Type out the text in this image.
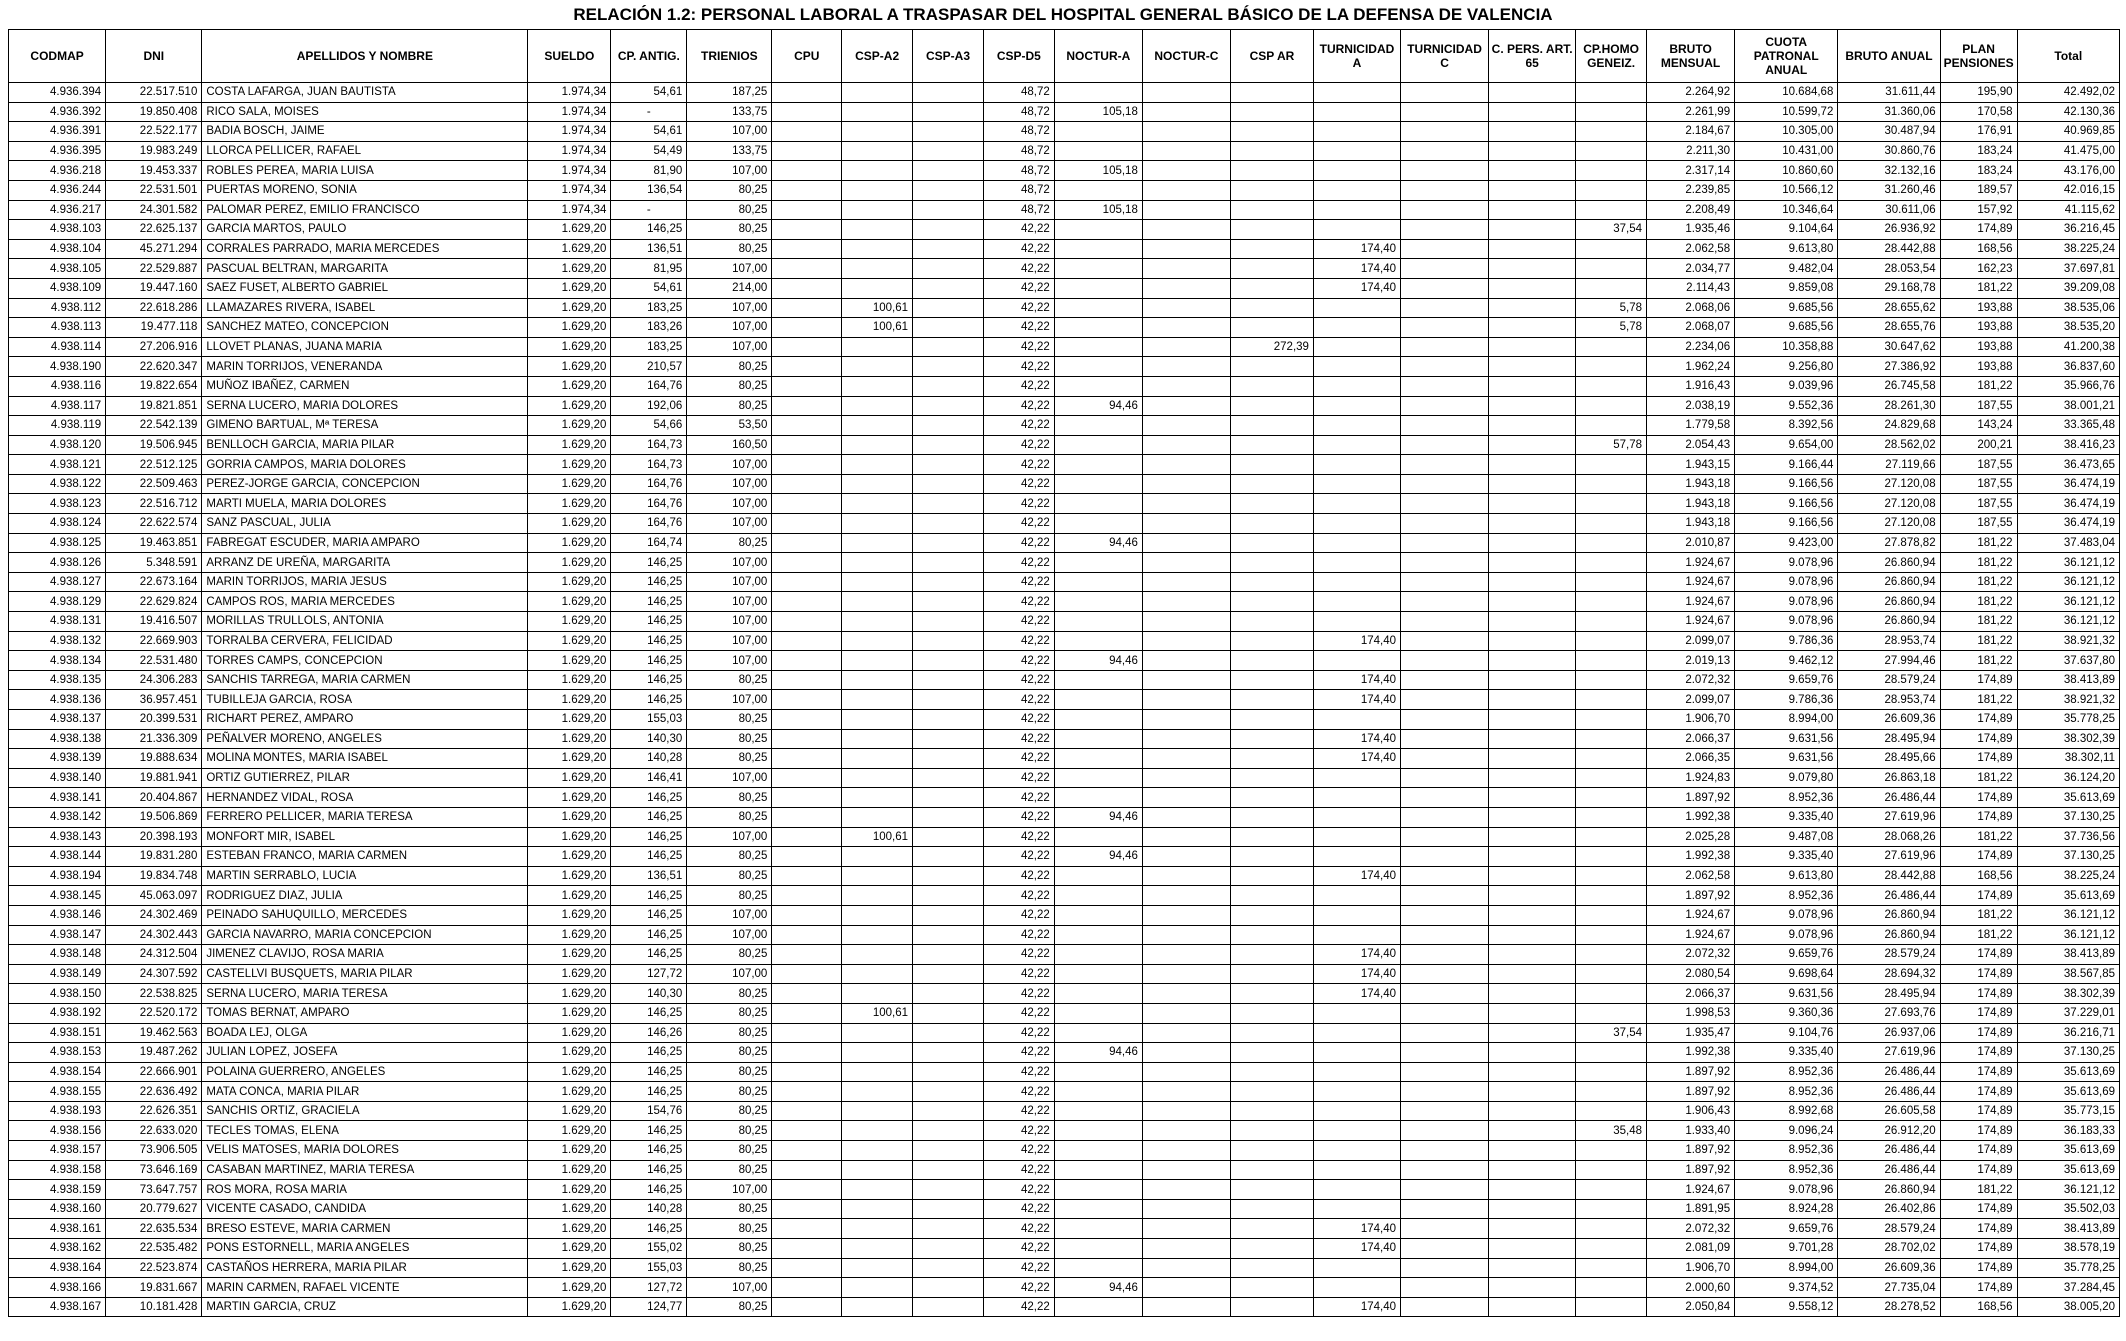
RELACIÓN 1.2: PERSONAL LABORAL A TRASPASAR DEL HOSPITAL GENERAL BÁSICO DE LA DEFENSA DE VALENCIA
CODMAP	DNI	APELLIDOS Y NOMBRE	SUELDO	CP. ANTIG.	TRIENIOS	CPU	CSP-A2	CSP-A3	CSP-D5	NOCTUR-A	NOCTUR-C	CSP AR	TURNICIDAD A	TURNICIDAD C	C. PERS. ART. 65	CP.HOMO GENEIZ.	BRUTO MENSUAL	CUOTA PATRONAL ANUAL	BRUTO ANUAL	PLAN PENSIONES	Total
4.936.394	22.517.510	COSTA LAFARGA, JUAN BAUTISTA	1.974,34	54,61	187,25				48,72								2.264,92	10.684,68	31.611,44	195,90	42.492,02
4.936.392	19.850.408	RICO SALA, MOISES	1.974,34	-	133,75				48,72	105,18							2.261,99	10.599,72	31.360,06	170,58	42.130,36
4.936.391	22.522.177	BADIA BOSCH, JAIME	1.974,34	54,61	107,00				48,72								2.184,67	10.305,00	30.487,94	176,91	40.969,85
4.936.395	19.983.249	LLORCA PELLICER, RAFAEL	1.974,34	54,49	133,75				48,72								2.211,30	10.431,00	30.860,76	183,24	41.475,00
4.936.218	19.453.337	ROBLES PEREA, MARIA LUISA	1.974,34	81,90	107,00				48,72	105,18							2.317,14	10.860,60	32.132,16	183,24	43.176,00
4.936.244	22.531.501	PUERTAS MORENO, SONIA	1.974,34	136,54	80,25				48,72								2.239,85	10.566,12	31.260,46	189,57	42.016,15
4.936.217	24.301.582	PALOMAR PEREZ, EMILIO FRANCISCO	1.974,34	-	80,25				48,72	105,18							2.208,49	10.346,64	30.611,06	157,92	41.115,62
4.938.103	22.625.137	GARCIA MARTOS, PAULO	1.629,20	146,25	80,25				42,22							37,54	1.935,46	9.104,64	26.936,92	174,89	36.216,45
4.938.104	45.271.294	CORRALES PARRADO, MARIA MERCEDES	1.629,20	136,51	80,25				42,22				174,40				2.062,58	9.613,80	28.442,88	168,56	38.225,24
4.938.105	22.529.887	PASCUAL BELTRAN, MARGARITA	1.629,20	81,95	107,00				42,22				174,40				2.034,77	9.482,04	28.053,54	162,23	37.697,81
4.938.109	19.447.160	SAEZ FUSET, ALBERTO GABRIEL	1.629,20	54,61	214,00				42,22				174,40				2.114,43	9.859,08	29.168,78	181,22	39.209,08
4.938.112	22.618.286	LLAMAZARES RIVERA, ISABEL	1.629,20	183,25	107,00		100,61		42,22							5,78	2.068,06	9.685,56	28.655,62	193,88	38.535,06
4.938.113	19.477.118	SANCHEZ MATEO, CONCEPCION	1.629,20	183,26	107,00		100,61		42,22							5,78	2.068,07	9.685,56	28.655,76	193,88	38.535,20
4.938.114	27.206.916	LLOVET PLANAS, JUANA MARIA	1.629,20	183,25	107,00				42,22			272,39					2.234,06	10.358,88	30.647,62	193,88	41.200,38
4.938.190	22.620.347	MARIN TORRIJOS, VENERANDA	1.629,20	210,57	80,25				42,22								1.962,24	9.256,80	27.386,92	193,88	36.837,60
4.938.116	19.822.654	MUÑOZ IBAÑEZ, CARMEN	1.629,20	164,76	80,25				42,22								1.916,43	9.039,96	26.745,58	181,22	35.966,76
4.938.117	19.821.851	SERNA LUCERO, MARIA DOLORES	1.629,20	192,06	80,25				42,22	94,46							2.038,19	9.552,36	28.261,30	187,55	38.001,21
4.938.119	22.542.139	GIMENO BARTUAL, Mª TERESA	1.629,20	54,66	53,50				42,22								1.779,58	8.392,56	24.829,68	143,24	33.365,48
4.938.120	19.506.945	BENLLOCH GARCIA, MARIA PILAR	1.629,20	164,73	160,50				42,22							57,78	2.054,43	9.654,00	28.562,02	200,21	38.416,23
4.938.121	22.512.125	GORRIA CAMPOS, MARIA DOLORES	1.629,20	164,73	107,00				42,22								1.943,15	9.166,44	27.119,66	187,55	36.473,65
4.938.122	22.509.463	PEREZ-JORGE GARCIA, CONCEPCION	1.629,20	164,76	107,00				42,22								1.943,18	9.166,56	27.120,08	187,55	36.474,19
4.938.123	22.516.712	MARTI MUELA, MARIA DOLORES	1.629,20	164,76	107,00				42,22								1.943,18	9.166,56	27.120,08	187,55	36.474,19
4.938.124	22.622.574	SANZ PASCUAL, JULIA	1.629,20	164,76	107,00				42,22								1.943,18	9.166,56	27.120,08	187,55	36.474,19
4.938.125	19.463.851	FABREGAT ESCUDER, MARIA AMPARO	1.629,20	164,74	80,25				42,22	94,46							2.010,87	9.423,00	27.878,82	181,22	37.483,04
4.938.126	5.348.591	ARRANZ DE UREÑA, MARGARITA	1.629,20	146,25	107,00				42,22								1.924,67	9.078,96	26.860,94	181,22	36.121,12
4.938.127	22.673.164	MARIN TORRIJOS, MARIA JESUS	1.629,20	146,25	107,00				42,22								1.924,67	9.078,96	26.860,94	181,22	36.121,12
4.938.129	22.629.824	CAMPOS ROS, MARIA MERCEDES	1.629,20	146,25	107,00				42,22								1.924,67	9.078,96	26.860,94	181,22	36.121,12
4.938.131	19.416.507	MORILLAS TRULLOLS, ANTONIA	1.629,20	146,25	107,00				42,22								1.924,67	9.078,96	26.860,94	181,22	36.121,12
4.938.132	22.669.903	TORRALBA CERVERA, FELICIDAD	1.629,20	146,25	107,00				42,22				174,40				2.099,07	9.786,36	28.953,74	181,22	38.921,32
4.938.134	22.531.480	TORRES CAMPS, CONCEPCION	1.629,20	146,25	107,00				42,22	94,46							2.019,13	9.462,12	27.994,46	181,22	37.637,80
4.938.135	24.306.283	SANCHIS TARREGA, MARIA CARMEN	1.629,20	146,25	80,25				42,22				174,40				2.072,32	9.659,76	28.579,24	174,89	38.413,89
4.938.136	36.957.451	TUBILLEJA GARCIA, ROSA	1.629,20	146,25	107,00				42,22				174,40				2.099,07	9.786,36	28.953,74	181,22	38.921,32
4.938.137	20.399.531	RICHART PEREZ, AMPARO	1.629,20	155,03	80,25				42,22								1.906,70	8.994,00	26.609,36	174,89	35.778,25
4.938.138	21.336.309	PEÑALVER MORENO, ANGELES	1.629,20	140,30	80,25				42,22				174,40				2.066,37	9.631,56	28.495,94	174,89	38.302,39
4.938.139	19.888.634	MOLINA MONTES, MARIA ISABEL	1.629,20	140,28	80,25				42,22				174,40				2.066,35	9.631,56	28.495,66	174,89	38.302,11
4.938.140	19.881.941	ORTIZ GUTIERREZ, PILAR	1.629,20	146,41	107,00				42,22								1.924,83	9.079,80	26.863,18	181,22	36.124,20
4.938.141	20.404.867	HERNANDEZ VIDAL, ROSA	1.629,20	146,25	80,25				42,22								1.897,92	8.952,36	26.486,44	174,89	35.613,69
4.938.142	19.506.869	FERRERO PELLICER, MARIA TERESA	1.629,20	146,25	80,25				42,22	94,46							1.992,38	9.335,40	27.619,96	174,89	37.130,25
4.938.143	20.398.193	MONFORT MIR, ISABEL	1.629,20	146,25	107,00		100,61		42,22								2.025,28	9.487,08	28.068,26	181,22	37.736,56
4.938.144	19.831.280	ESTEBAN FRANCO, MARIA CARMEN	1.629,20	146,25	80,25				42,22	94,46							1.992,38	9.335,40	27.619,96	174,89	37.130,25
4.938.194	19.834.748	MARTIN SERRABLO, LUCIA	1.629,20	136,51	80,25				42,22				174,40				2.062,58	9.613,80	28.442,88	168,56	38.225,24
4.938.145	45.063.097	RODRIGUEZ DIAZ, JULIA	1.629,20	146,25	80,25				42,22								1.897,92	8.952,36	26.486,44	174,89	35.613,69
4.938.146	24.302.469	PEINADO SAHUQUILLO, MERCEDES	1.629,20	146,25	107,00				42,22								1.924,67	9.078,96	26.860,94	181,22	36.121,12
4.938.147	24.302.443	GARCIA NAVARRO, MARIA CONCEPCION	1.629,20	146,25	107,00				42,22								1.924,67	9.078,96	26.860,94	181,22	36.121,12
4.938.148	24.312.504	JIMENEZ CLAVIJO, ROSA MARIA	1.629,20	146,25	80,25				42,22				174,40				2.072,32	9.659,76	28.579,24	174,89	38.413,89
4.938.149	24.307.592	CASTELLVI BUSQUETS, MARIA PILAR	1.629,20	127,72	107,00				42,22				174,40				2.080,54	9.698,64	28.694,32	174,89	38.567,85
4.938.150	22.538.825	SERNA LUCERO, MARIA TERESA	1.629,20	140,30	80,25				42,22				174,40				2.066,37	9.631,56	28.495,94	174,89	38.302,39
4.938.192	22.520.172	TOMAS BERNAT, AMPARO	1.629,20	146,25	80,25		100,61		42,22								1.998,53	9.360,36	27.693,76	174,89	37.229,01
4.938.151	19.462.563	BOADA LEJ, OLGA	1.629,20	146,26	80,25				42,22							37,54	1.935,47	9.104,76	26.937,06	174,89	36.216,71
4.938.153	19.487.262	JULIAN LOPEZ, JOSEFA	1.629,20	146,25	80,25				42,22	94,46							1.992,38	9.335,40	27.619,96	174,89	37.130,25
4.938.154	22.666.901	POLAINA GUERRERO, ANGELES	1.629,20	146,25	80,25				42,22								1.897,92	8.952,36	26.486,44	174,89	35.613,69
4.938.155	22.636.492	MATA CONCA, MARIA PILAR	1.629,20	146,25	80,25				42,22								1.897,92	8.952,36	26.486,44	174,89	35.613,69
4.938.193	22.626.351	SANCHIS ORTIZ, GRACIELA	1.629,20	154,76	80,25				42,22								1.906,43	8.992,68	26.605,58	174,89	35.773,15
4.938.156	22.633.020	TECLES TOMAS, ELENA	1.629,20	146,25	80,25				42,22							35,48	1.933,40	9.096,24	26.912,20	174,89	36.183,33
4.938.157	73.906.505	VELIS MATOSES, MARIA DOLORES	1.629,20	146,25	80,25				42,22								1.897,92	8.952,36	26.486,44	174,89	35.613,69
4.938.158	73.646.169	CASABAN MARTINEZ, MARIA TERESA	1.629,20	146,25	80,25				42,22								1.897,92	8.952,36	26.486,44	174,89	35.613,69
4.938.159	73.647.757	ROS MORA, ROSA MARIA	1.629,20	146,25	107,00				42,22								1.924,67	9.078,96	26.860,94	181,22	36.121,12
4.938.160	20.779.627	VICENTE CASADO, CANDIDA	1.629,20	140,28	80,25				42,22								1.891,95	8.924,28	26.402,86	174,89	35.502,03
4.938.161	22.635.534	BRESO ESTEVE, MARIA CARMEN	1.629,20	146,25	80,25				42,22				174,40				2.072,32	9.659,76	28.579,24	174,89	38.413,89
4.938.162	22.535.482	PONS ESTORNELL, MARIA ANGELES	1.629,20	155,02	80,25				42,22				174,40				2.081,09	9.701,28	28.702,02	174,89	38.578,19
4.938.164	22.523.874	CASTAÑOS HERRERA, MARIA PILAR	1.629,20	155,03	80,25				42,22								1.906,70	8.994,00	26.609,36	174,89	35.778,25
4.938.166	19.831.667	MARIN CARMEN, RAFAEL VICENTE	1.629,20	127,72	107,00				42,22	94,46							2.000,60	9.374,52	27.735,04	174,89	37.284,45
4.938.167	10.181.428	MARTIN GARCIA, CRUZ	1.629,20	124,77	80,25				42,22				174,40				2.050,84	9.558,12	28.278,52	168,56	38.005,20
